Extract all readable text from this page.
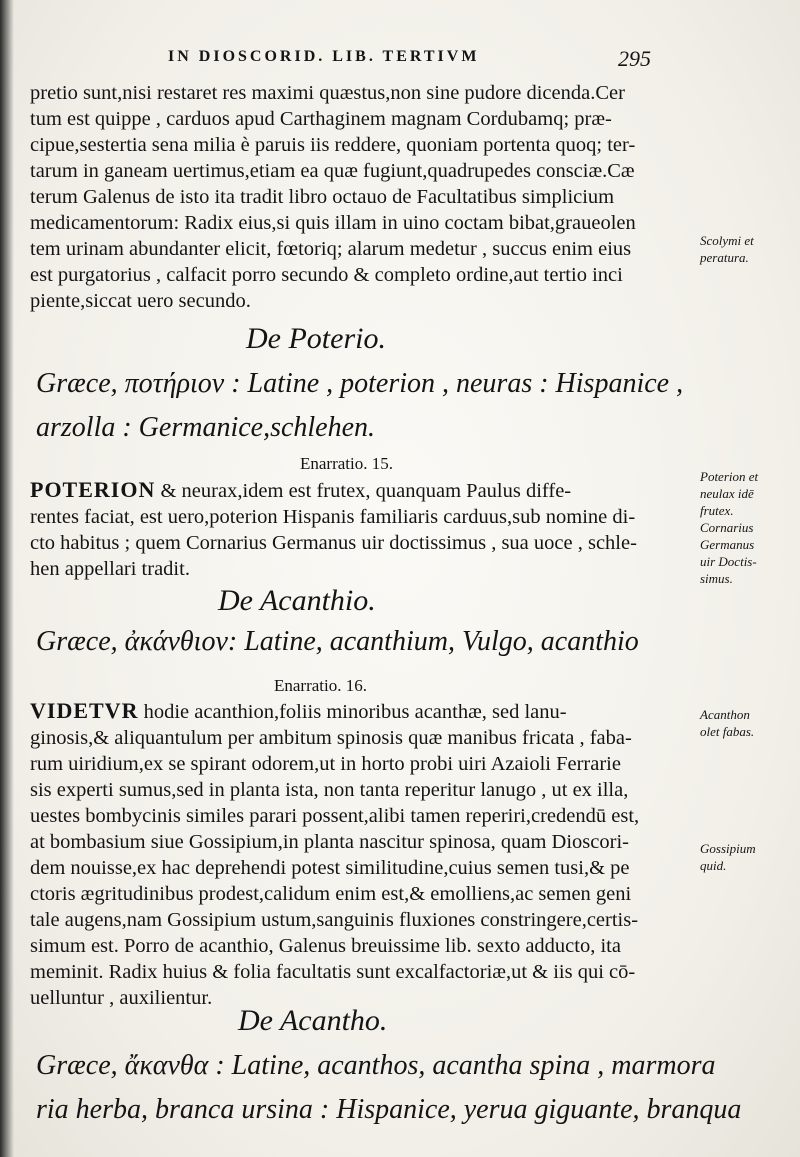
IN DIOSCORID. LIB. TERTIVM	295
pretio sunt,nisi restaret res maximi quæstus,non sine pudore dicenda.Cer
tum est quippe , carduos apud Carthaginem magnam Cordubamq; præ-
cipue,sestertia sena milia è paruis iis reddere, quoniam portenta quoq; ter-
tarum in ganeam uertimus,etiam ea quæ fugiunt,quadrupedes consciæ.Cæ
terum Galenus de isto ita tradit libro octauo de Facultatibus simplicium
medicamentorum: Radix eius,si quis illam in uino coctam bibat,graueolen
tem urinam abundanter elicit, fœtoriq; alarum medetur , succus enim eius
est purgatorius , calfacit porro secundo & completo ordine,aut tertio inci
piente,siccat uero secundo.
De Poterio.
Græce, ποτήριον : Latine , poterion , neuras : Hispanice ,
arzolla : Germanice,schlehen.
Enarratio. 15.
POTERION & neurax,idem est frutex, quanquam Paulus diffe-
rentes faciat, est uero,poterion Hispanis familiaris carduus,sub nomine di-
cto habitus ; quem Cornarius Germanus uir doctissimus , sua uoce , schle-
hen appellari tradit.
De Acanthio.
Græce, ἀκάνθιον: Latine, acanthium, Vulgo, acanthio
Enarratio. 16.
VIDETVR hodie acanthion,foliis minoribus acanthæ, sed lanu-
ginosis,& aliquantulum per ambitum spinosis quæ manibus fricata , faba-
rum uiridium,ex se spirant odorem,ut in horto probi uiri Azaioli Ferrarie
sis experti sumus,sed in planta ista, non tanta reperitur lanugo , ut ex illa,
uestes bombycinis similes parari possent,alibi tamen reperiri,credendū est,
at bombasium siue Gossipium,in planta nascitur spinosa, quam Dioscori-
dem nouisse,ex hac deprehendi potest similitudine,cuius semen tusi,& pe
ctoris ægritudinibus prodest,calidum enim est,& emolliens,ac semen geni
tale augens,nam Gossipium ustum,sanguinis fluxiones constringere,certis-
simum est. Porro de acanthio, Galenus breuissime lib. sexto adducto, ita
meminit. Radix huius & folia facultatis sunt excalfactoriæ,ut & iis qui cō-
uelluntur , auxilientur.
De Acantho.
Græce, ἄκανθα : Latine, acanthos, acantha spina , marmora
ria herba, branca ursina : Hispanice, yerua giguante, branqua
Scolymi et
peratura.
Poterion et
neulax idē
frutex.
Cornarius
Germanus
uir Doctis-
simus.
Acanthon
olet fabas.
Gossipium
quid.
